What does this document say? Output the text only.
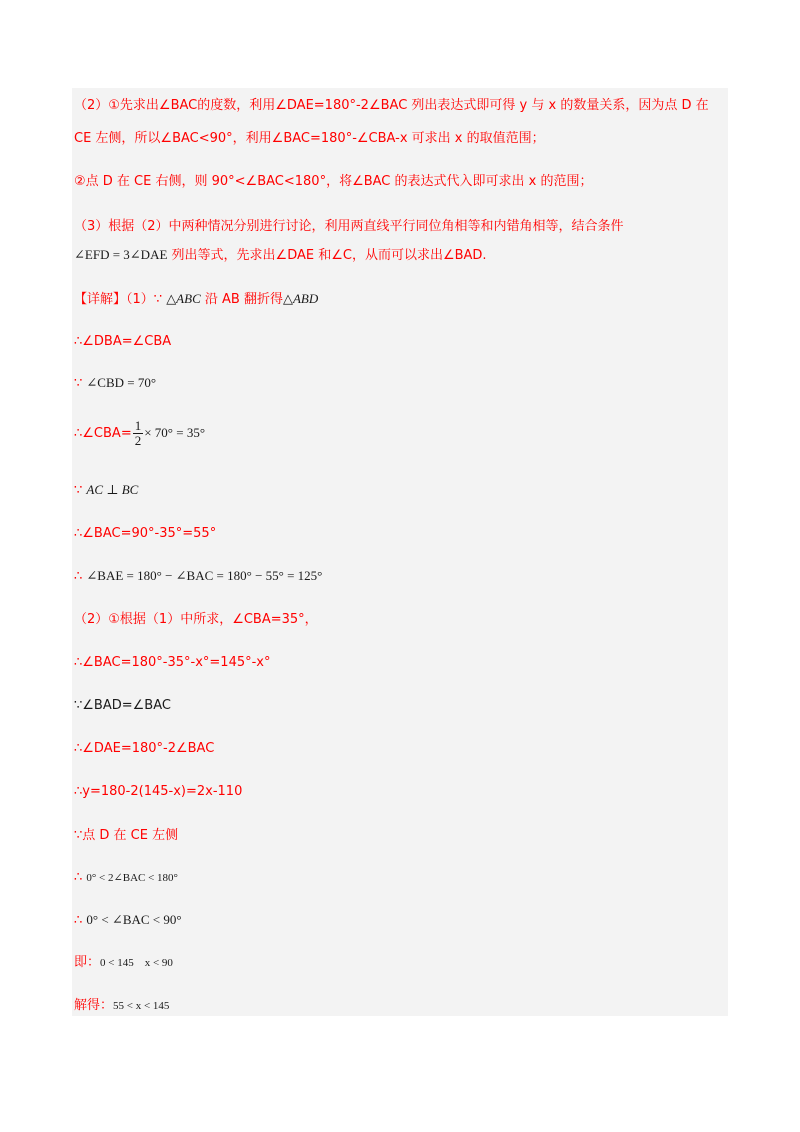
（2）①先求出∠BAC的度数，利用∠DAE=180°-2∠BAC 列出表达式即可得 y 与 x 的数量关系，因为点 D 在
CE 左侧，所以∠BAC<90°，利用∠BAC=180°-∠CBA-x 可求出 x 的取值范围；
②点 D 在 CE 右侧，则 90°<∠BAC<180°，将∠BAC 的表达式代入即可求出 x 的范围；
（3）根据（2）中两种情况分别进行讨论，利用两直线平行同位角相等和内错角相等，结合条件
∠EFD = 3∠DAE 列出等式，先求出∠DAE 和∠C，从而可以求出∠BAD.
【详解】（1）∵ △ABC 沿 AB 翻折得△ABD
∴∠DBA=∠CBA
∵ ∠CBD = 70°
∴∠CBA= $\frac{1}{2} \times 70^\circ = 35^\circ$
∵ AC ⊥ BC
∴∠BAC=90°-35°=55°
∴ ∠BAE = 180° − ∠BAC = 180° − 55° = 125°
（2）①根据（1）中所求，∠CBA=35°，
∴∠BAC=180°-35°-x°=145°-x°
∵∠BAD=∠BAC
∴∠DAE=180°-2∠BAC
∴y=180-2(145-x)=2x-110
∵点 D 在 CE 左侧
∴ 0° < 2∠BAC < 180°
∴ 0° < ∠BAC < 90°
即：0 < 145    x < 90
解得：55 < x < 145
